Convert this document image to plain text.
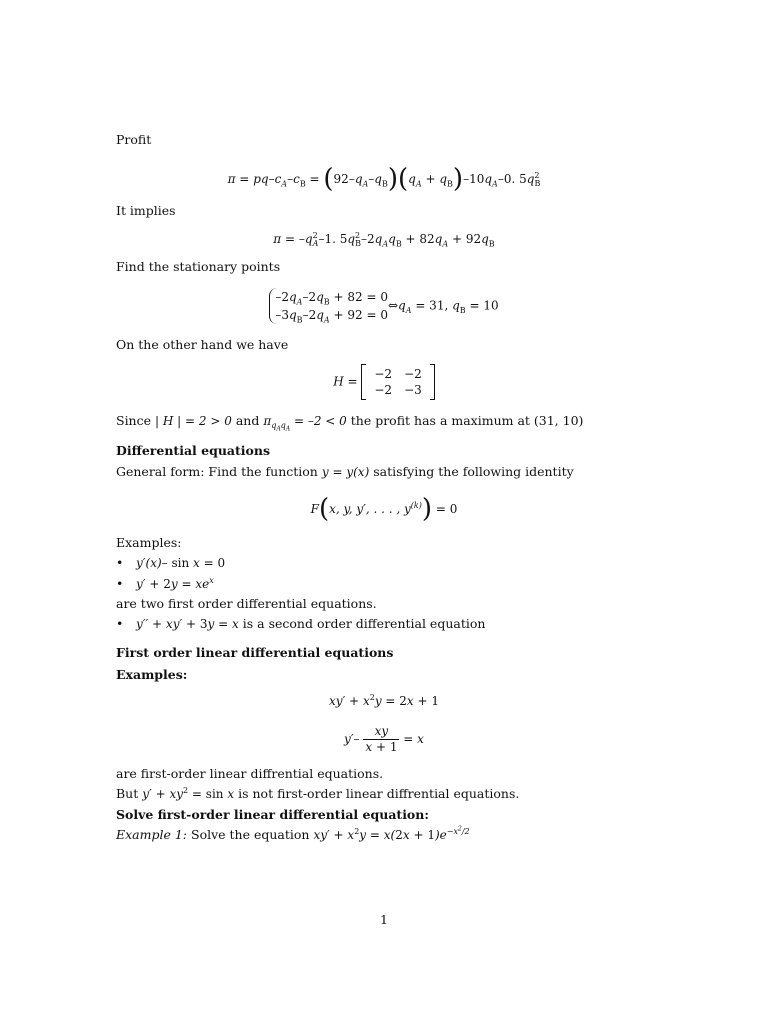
Profit
$\pi = pq-c_A-c_B = (92-q_A-q_B)(q_A + q_B)-10q_A-0$. $5q^2_B$
It implies
$\pi = -q^2_A-1$. $5q^2_B-2q_Aq_B + 82q_A + 92q_B$
Find the stationary points
$-2q_A-2q_B + 82 = 0$
$-3q_B-2q_A + 92$ = $0\Leftrightarrow q_A = 31$, $q_B = 10$
On the other hand we have
H =
−2	−2
−2	−3
Since | H | = 2 > 0 and $\pi_{q_Aq_A} = -2 < 0$ the profit has a maximum at (31, 10)
Differential equations
General form: Find the function y = y(x) satisfying the following identity
F(x, y, y′, . . . , $y^{(k)}) = 0$
Examples:
• y′(x)– sin x = 0
• $y' + 2y = xe^x$
are two first order differential equations.
• y′′ + xy′ + 3y = x is a second order differential equation
First order linear differential equations
Examples:
$xy' + x^2y = 2x + 1$
$y'- \frac{xy}{x + 1} = x$
are first-order linear diffrential equations.
But $y' + xy^2 = \sin x$ is not first-order linear diffrential equations.
Solve first-order linear differential equation:
Example 1: Solve the equation $xy' + x^2y = x(2x + 1)e^{-x^2/2}$
1
